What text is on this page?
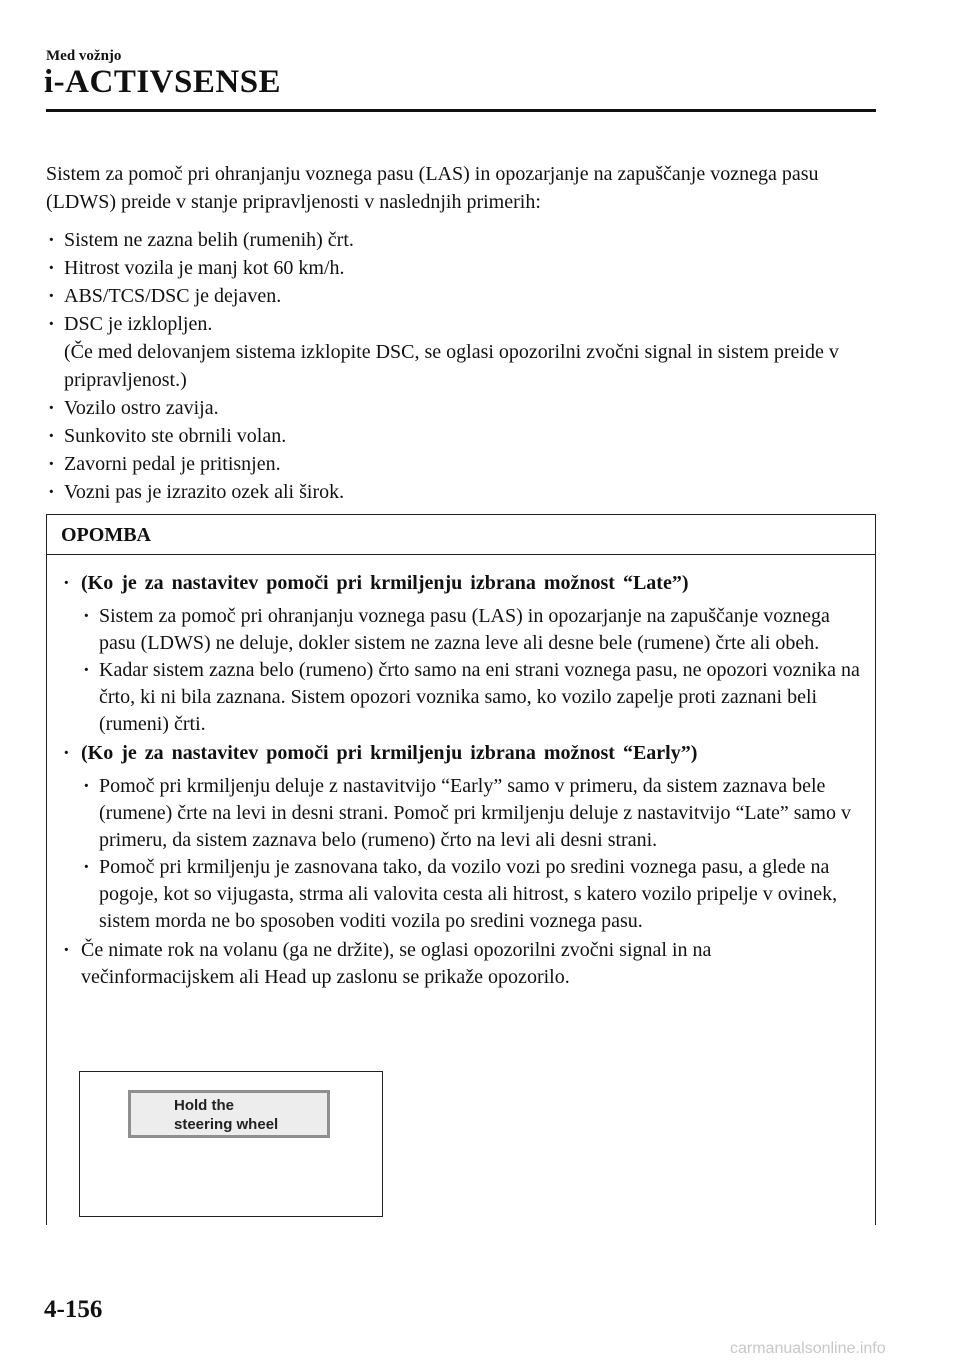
Med vožnjo
i-ACTIVSENSE

Sistem za pomoč pri ohranjanju voznega pasu (LAS) in opozarjanje na zapuščanje voznega pasu (LDWS) preide v stanje pripravljenosti v naslednjih primerih:

· Sistem ne zazna belih (rumenih) črt.
· Hitrost vozila je manj kot 60 km/h.
· ABS/TCS/DSC je dejaven.
· DSC je izklopljen.
(Če med delovanjem sistema izklopite DSC, se oglasi opozorilni zvočni signal in sistem preide v pripravljenost.)
· Vozilo ostro zavija.
· Sunkovito ste obrnili volan.
· Zavorni pedal je pritisnjen.
· Vozni pas je izrazito ozek ali širok.
OPOMBA
· (Ko je za nastavitev pomoči pri krmiljenju izbrana možnost “Late”)
· Sistem za pomoč pri ohranjanju voznega pasu (LAS) in opozarjanje na zapuščanje voznega pasu (LDWS) ne deluje, dokler sistem ne zazna leve ali desne bele (rumene) črte ali obeh.
· Kadar sistem zazna belo (rumeno) črto samo na eni strani voznega pasu, ne opozori voznika na črto, ki ni bila zaznana. Sistem opozori voznika samo, ko vozilo zapelje proti zaznani beli (rumeni) črti.
· (Ko je za nastavitev pomoči pri krmiljenju izbrana možnost “Early”)
· Pomoč pri krmiljenju deluje z nastavitvijo “Early” samo v primeru, da sistem zaznava bele (rumene) črte na levi in desni strani. Pomoč pri krmiljenju deluje z nastavitvijo “Late” samo v primeru, da sistem zaznava belo (rumeno) črto na levi ali desni strani.
· Pomoč pri krmiljenju je zasnovana tako, da vozilo vozi po sredini voznega pasu, a glede na pogoje, kot so vijugasta, strma ali valovita cesta ali hitrost, s katero vozilo pripelje v ovinek, sistem morda ne bo sposoben voditi vozila po sredini voznega pasu.
· Če nimate rok na volanu (ga ne držite), se oglasi opozorilni zvočni signal in na večinformacijskem ali Head up zaslonu se prikaže opozorilo.
Hold the
steering wheel
4-156
carmanualsonline.info
